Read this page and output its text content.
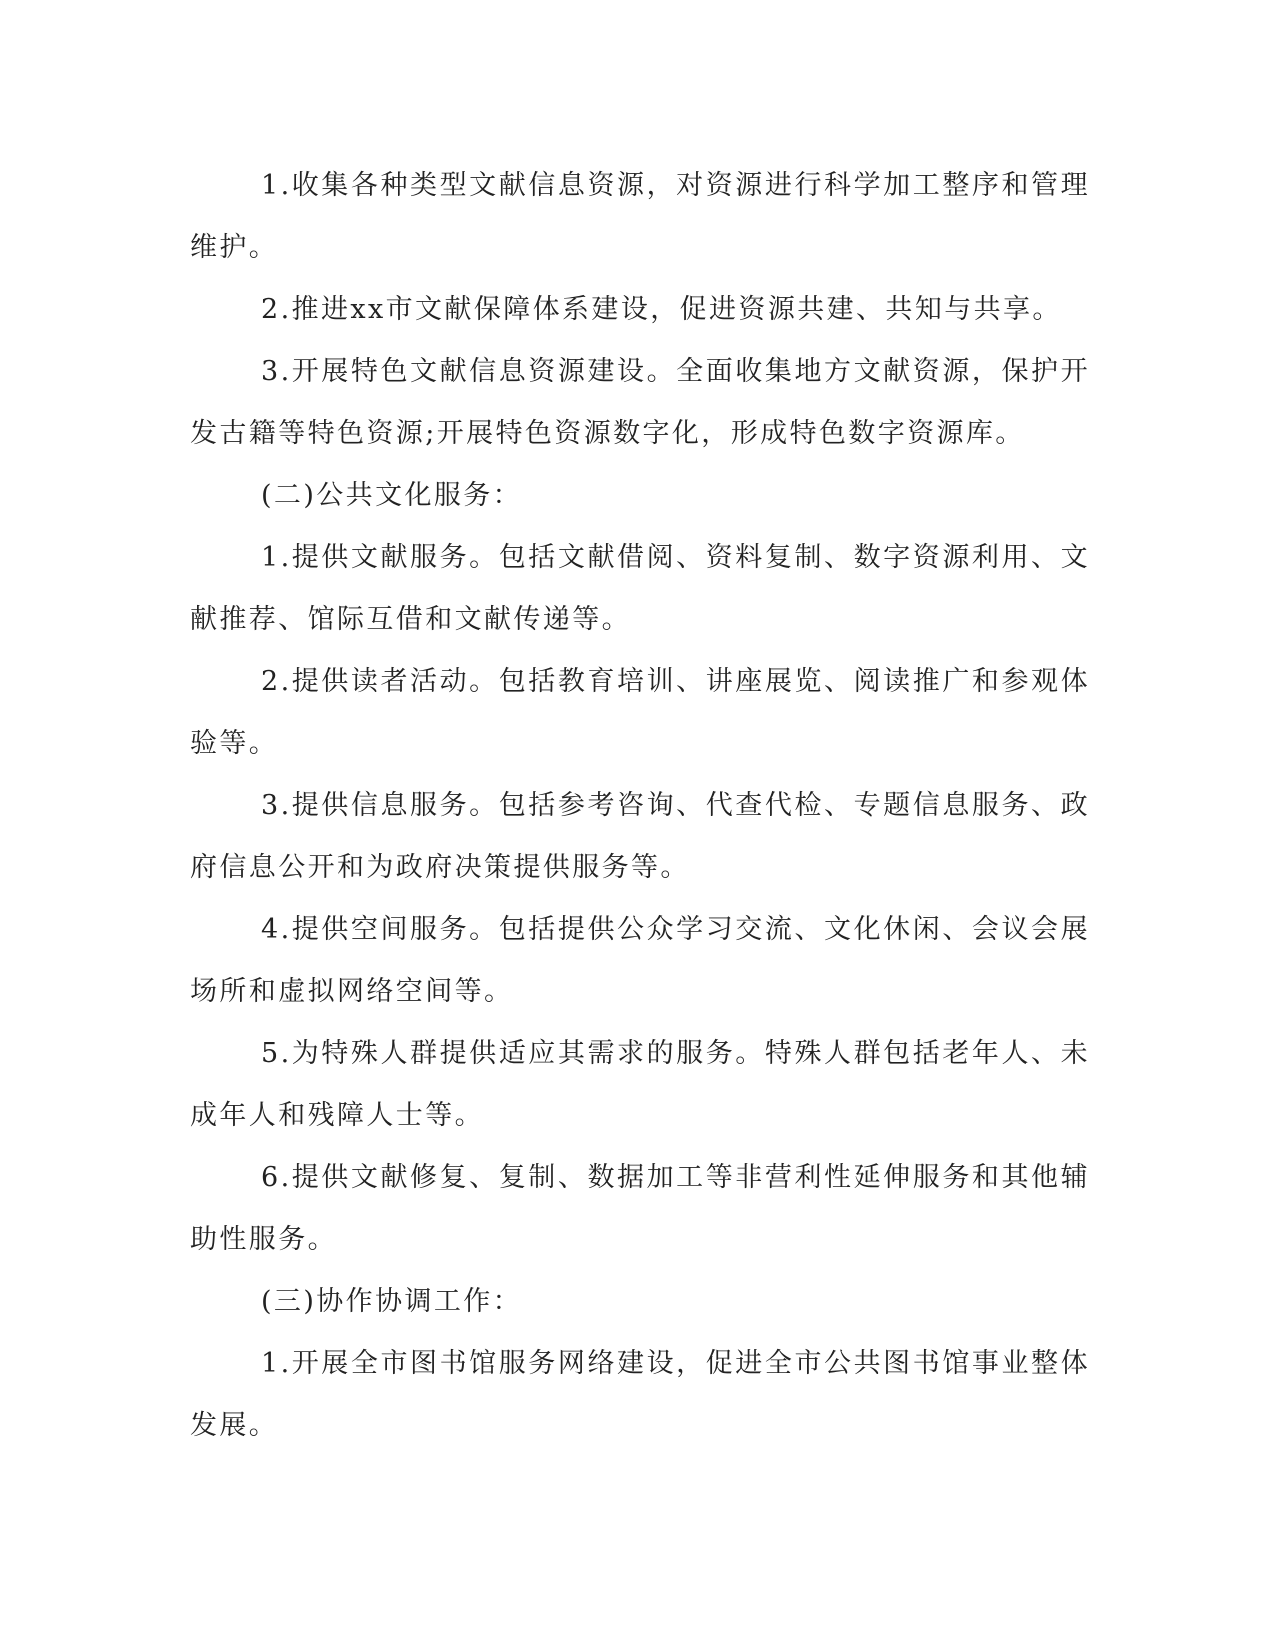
1.收集各种类型文献信息资源，对资源进行科学加工整序和管理维护。

2.推进xx市文献保障体系建设，促进资源共建、共知与共享。

3.开展特色文献信息资源建设。全面收集地方文献资源，保护开发古籍等特色资源;开展特色资源数字化，形成特色数字资源库。

(二)公共文化服务：

1.提供文献服务。包括文献借阅、资料复制、数字资源利用、文献推荐、馆际互借和文献传递等。

2.提供读者活动。包括教育培训、讲座展览、阅读推广和参观体验等。

3.提供信息服务。包括参考咨询、代查代检、专题信息服务、政府信息公开和为政府决策提供服务等。

4.提供空间服务。包括提供公众学习交流、文化休闲、会议会展场所和虚拟网络空间等。

5.为特殊人群提供适应其需求的服务。特殊人群包括老年人、未成年人和残障人士等。

6.提供文献修复、复制、数据加工等非营利性延伸服务和其他辅助性服务。

(三)协作协调工作：

1.开展全市图书馆服务网络建设，促进全市公共图书馆事业整体发展。
